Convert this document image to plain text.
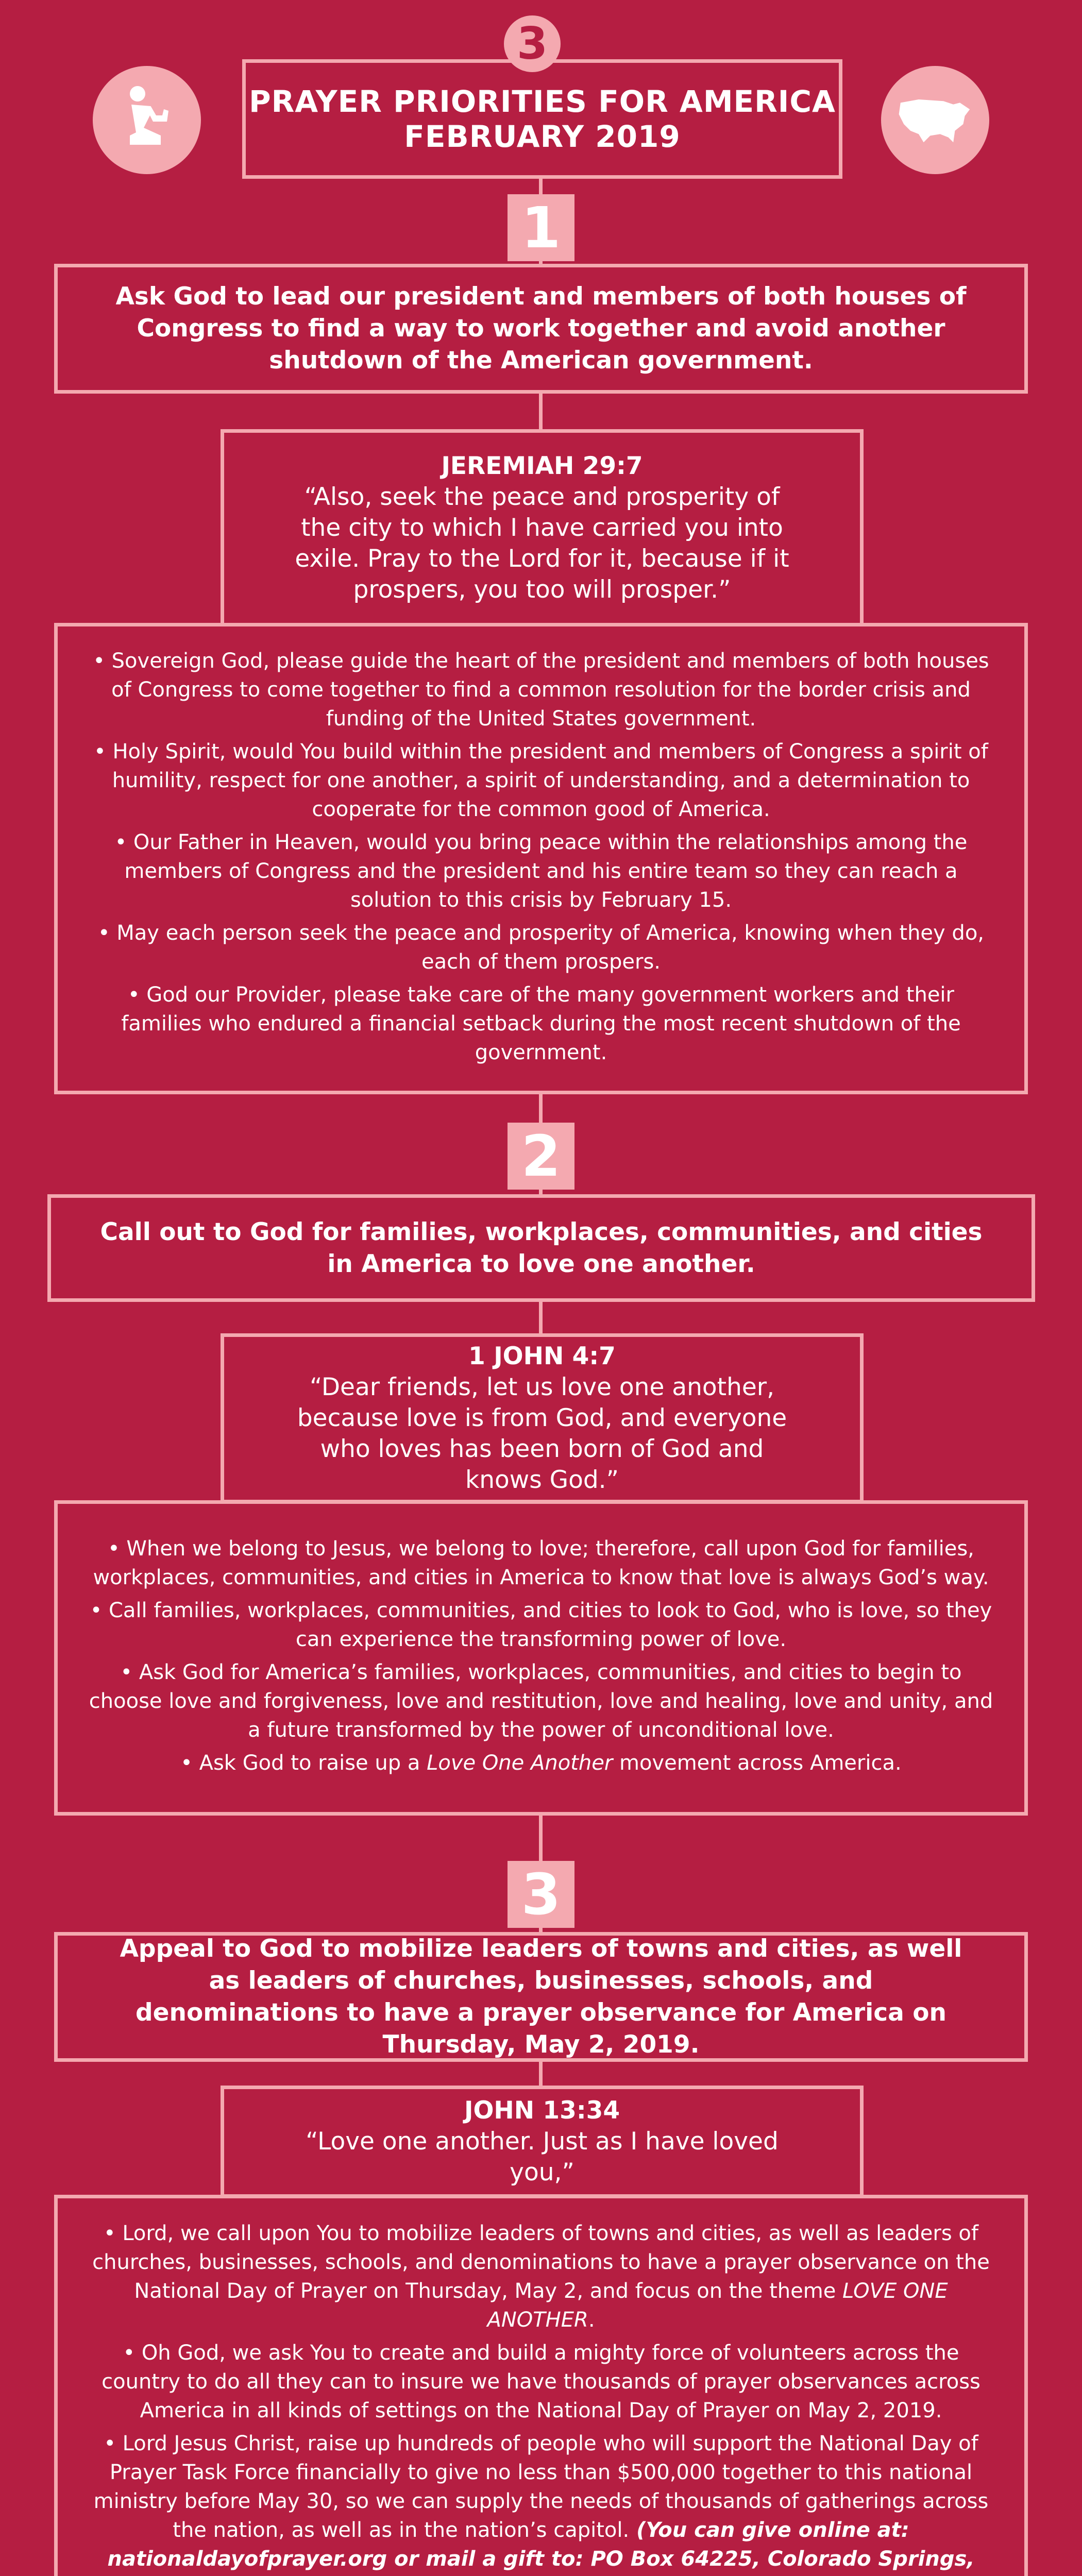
3
PRAYER PRIORITIES FOR AMERICA
FEBRUARY 2019
1
Ask God to lead our president and members of both houses of Congress to find a way to work together and avoid another shutdown of the American government.
JEREMIAH 29:7
“Also, seek the peace and prosperity of the city to which I have carried you into exile. Pray to the Lord for it, because if it prospers, you too will prosper.”

• Sovereign God, please guide the heart of the president and members of both houses of Congress to come together to find a common resolution for the border crisis and funding of the United States government.

• Holy Spirit, would You build within the president and members of Congress a spirit of humility, respect for one another, a spirit of understanding, and a determination to cooperate for the common good of America.

• Our Father in Heaven, would you bring peace within the relationships among the members of Congress and the president and his entire team so they can reach a solution to this crisis by February 15.

• May each person seek the peace and prosperity of America, knowing when they do, each of them prospers.

• God our Provider, please take care of the many government workers and their families who endured a financial setback during the most recent shutdown of the government.

2
Call out to God for families, workplaces, communities, and cities in America to love one another.
1 JOHN 4:7
“Dear friends, let us love one another, because love is from God, and everyone who loves has been born of God and knows God.”

• When we belong to Jesus, we belong to love; therefore, call upon God for families, workplaces, communities, and cities in America to know that love is always God’s way.

• Call families, workplaces, communities, and cities to look to God, who is love, so they can experience the transforming power of love.

• Ask God for America’s families, workplaces, communities, and cities to begin to choose love and forgiveness, love and restitution, love and healing, love and unity, and a future transformed by the power of unconditional love.

• Ask God to raise up a Love One Another movement across America.

3
Appeal to God to mobilize leaders of towns and cities, as well as leaders of churches, businesses, schools, and denominations to have a prayer observance for America on Thursday, May 2, 2019.
JOHN 13:34
“Love one another. Just as I have loved you,”

• Lord, we call upon You to mobilize leaders of towns and cities, as well as leaders of churches, businesses, schools, and denominations to have a prayer observance on the National Day of Prayer on Thursday, May 2, and focus on the theme LOVE ONE ANOTHER.

• Oh God, we ask You to create and build a mighty force of volunteers across the country to do all they can to insure we have thousands of prayer observances across America in all kinds of settings on the National Day of Prayer on May 2, 2019.

• Lord Jesus Christ, raise up hundreds of people who will support the National Day of Prayer Task Force financially to give no less than $500,000 together to this national ministry before May 30, so we can supply the needs of thousands of gatherings across the nation, as well as in the nation’s capitol. (You can give online at: nationaldayofprayer.org or mail a gift to: PO Box 64225, Colorado Springs,
